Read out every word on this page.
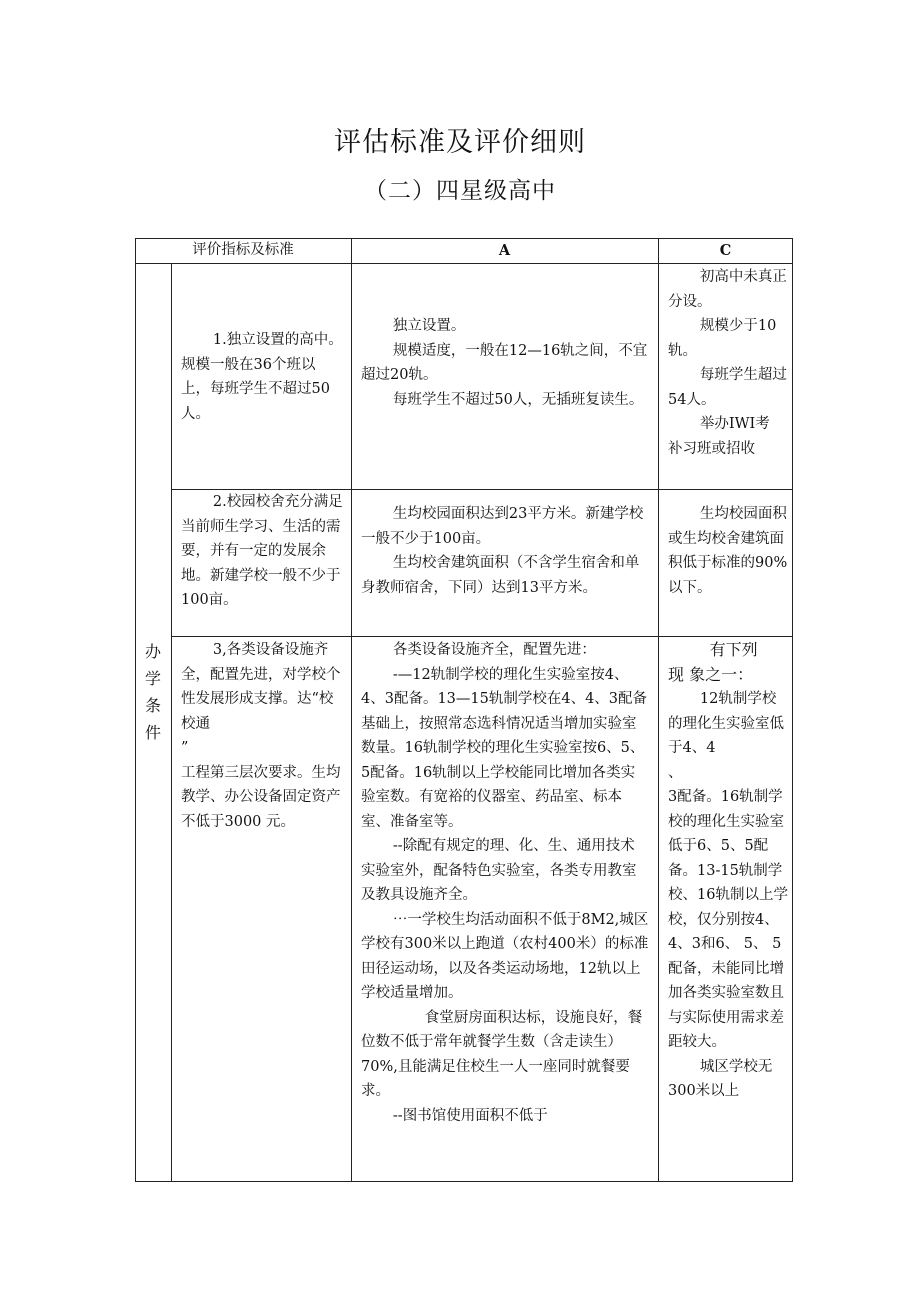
评估标准及评价细则
（二）四星级高中
评价指标及标准	A	C
办
学
条
件

1.独立设置的高中。规模一般在36个班以上，每班学生不超过50人。

独立设置。

规模适度，一般在12—16轨之间，不宜超过20轨。

每班学生不超过50人，无插班复读生。

初高中未真正分设。

规模少于10轨。

每班学生超过54人。

举办IWI考

补习班或招收

2.校园校舍充分满足当前师生学习、生活的需要，并有一定的发展余地。新建学校一般不少于100亩。

生均校园面积达到23平方米。新建学校一般不少于100亩。

生均校舍建筑面积（不含学生宿舍和单身教师宿舍，下同）达到13平方米。

生均校园面积或生均校舍建筑面积低于标准的90%以下。

3,各类设备设施齐全，配置先进，对学校个性发展形成支撑。达“校校通

”

工程第三层次要求。生均教学、办公设备固定资产不低于3000 元。

各类设备设施齐全，配置先进：

-—12轨制学校的理化生实验室按4、4、3配备。13—15轨制学校在4、4、3配备基础上，按照常态选科情况适当增加实验室数量。16轨制学校的理化生实验室按6、5、5配备。16轨制以上学校能同比增加各类实验室数。有宽裕的仪器室、药品室、标本室、准备室等。

--除配有规定的理、化、生、通用技术实验室外，配备特色实验室，各类专用教室及教具设施齐全。

⋯一学校生均活动面积不低于8M2,城区学校有300米以上跑道（农村400米）的标准田径运动场，以及各类运动场地，12轨以上学校适量增加。

食堂厨房面积达标，设施良好，餐位数不低于常年就餐学生数（含走读生）70%,且能满足住校生一人一座同时就餐要求。

--图书馆使用面积不低于

有下列

现 象之一：

12轨制学校的理化生实验室低于4、4

、

3配备。16轨制学校的理化生实验室低于6、5、5配备。13-15轨制学校、16轨制以上学校，仅分别按4、4、3和6、 5、 5配备，未能同比增加各类实验室数且与实际使用需求差距较大。

城区学校无300米以上
